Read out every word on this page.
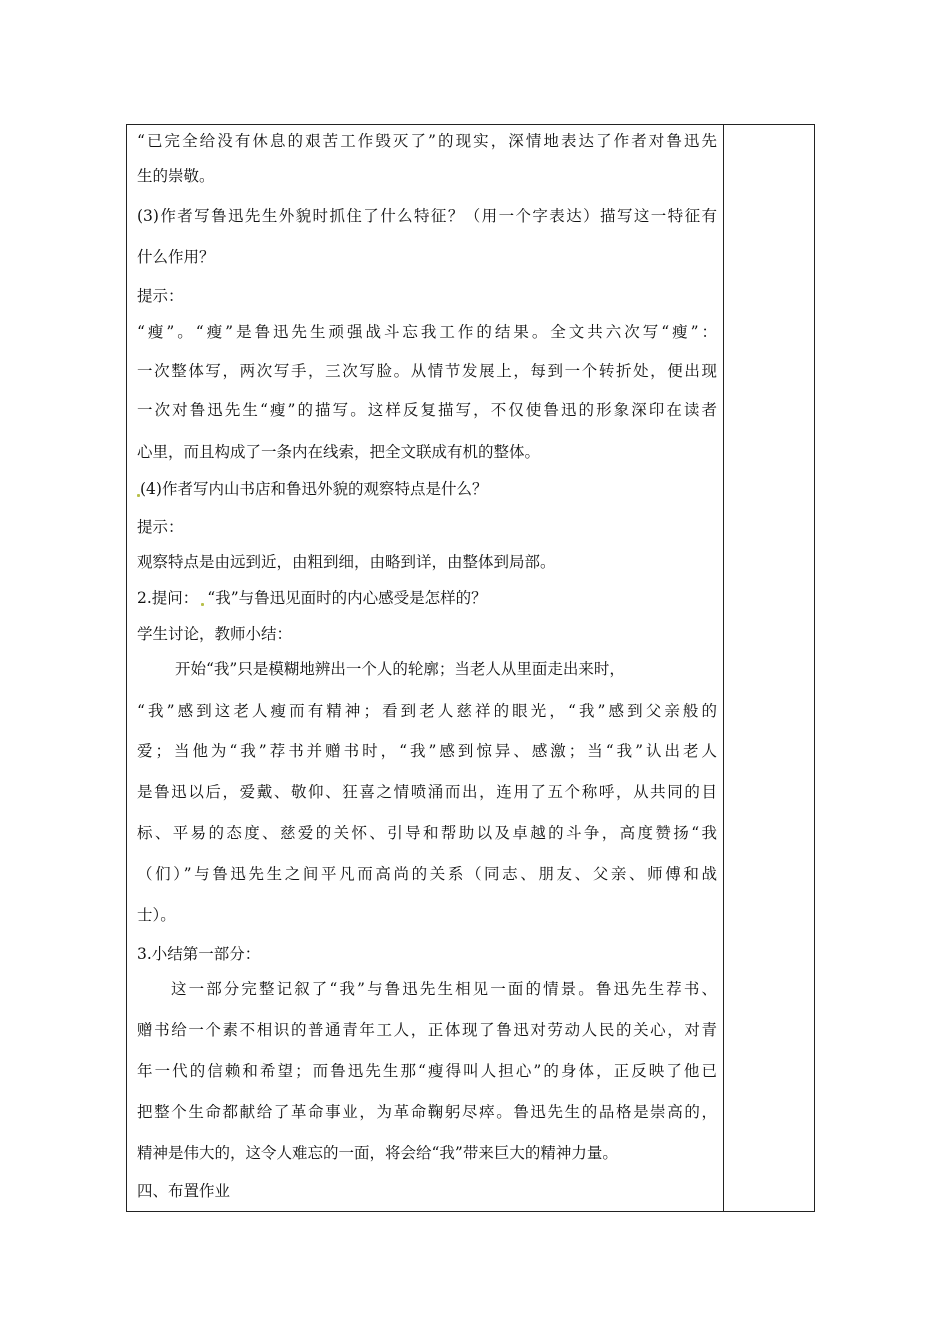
“已完全给没有休息的艰苦工作毁灭了”的现实，深情地表达了作者对鲁迅先
生的崇敬。
(3)作者写鲁迅先生外貌时抓住了什么特征？（用一个字表达）描写这一特征有
什么作用？
提示：
“瘦”。“瘦”是鲁迅先生顽强战斗忘我工作的结果。全文共六次写“瘦”：
一次整体写，两次写手，三次写脸。从情节发展上，每到一个转折处，便出现
一次对鲁迅先生“瘦”的描写。这样反复描写，不仅使鲁迅的形象深印在读者
心里，而且构成了一条内在线索，把全文联成有机的整体。
(4)作者写内山书店和鲁迅外貌的观察特点是什么？
提示：
观察特点是由远到近，由粗到细，由略到详，由整体到局部。
2.提问： “我”与鲁迅见面时的内心感受是怎样的？
学生讨论，教师小结：
开始“我”只是模糊地辨出一个人的轮廓；当老人从里面走出来时，
“我”感到这老人瘦而有精神；看到老人慈祥的眼光，“我”感到父亲般的
爱；当他为“我”荐书并赠书时，“我”感到惊异、感激；当“我”认出老人
是鲁迅以后，爱戴、敬仰、狂喜之情喷涌而出，连用了五个称呼，从共同的目
标、平易的态度、慈爱的关怀、引导和帮助以及卓越的斗争，高度赞扬“我
（们）”与鲁迅先生之间平凡而高尚的关系（同志、朋友、父亲、师傅和战
士）。
3.小结第一部分：
这一部分完整记叙了“我”与鲁迅先生相见一面的情景。鲁迅先生荐书、
赠书给一个素不相识的普通青年工人，正体现了鲁迅对劳动人民的关心，对青
年一代的信赖和希望；而鲁迅先生那“瘦得叫人担心”的身体，正反映了他已
把整个生命都献给了革命事业，为革命鞠躬尽瘁。鲁迅先生的品格是崇高的，
精神是伟大的，这令人难忘的一面，将会给“我”带来巨大的精神力量。
四、布置作业
